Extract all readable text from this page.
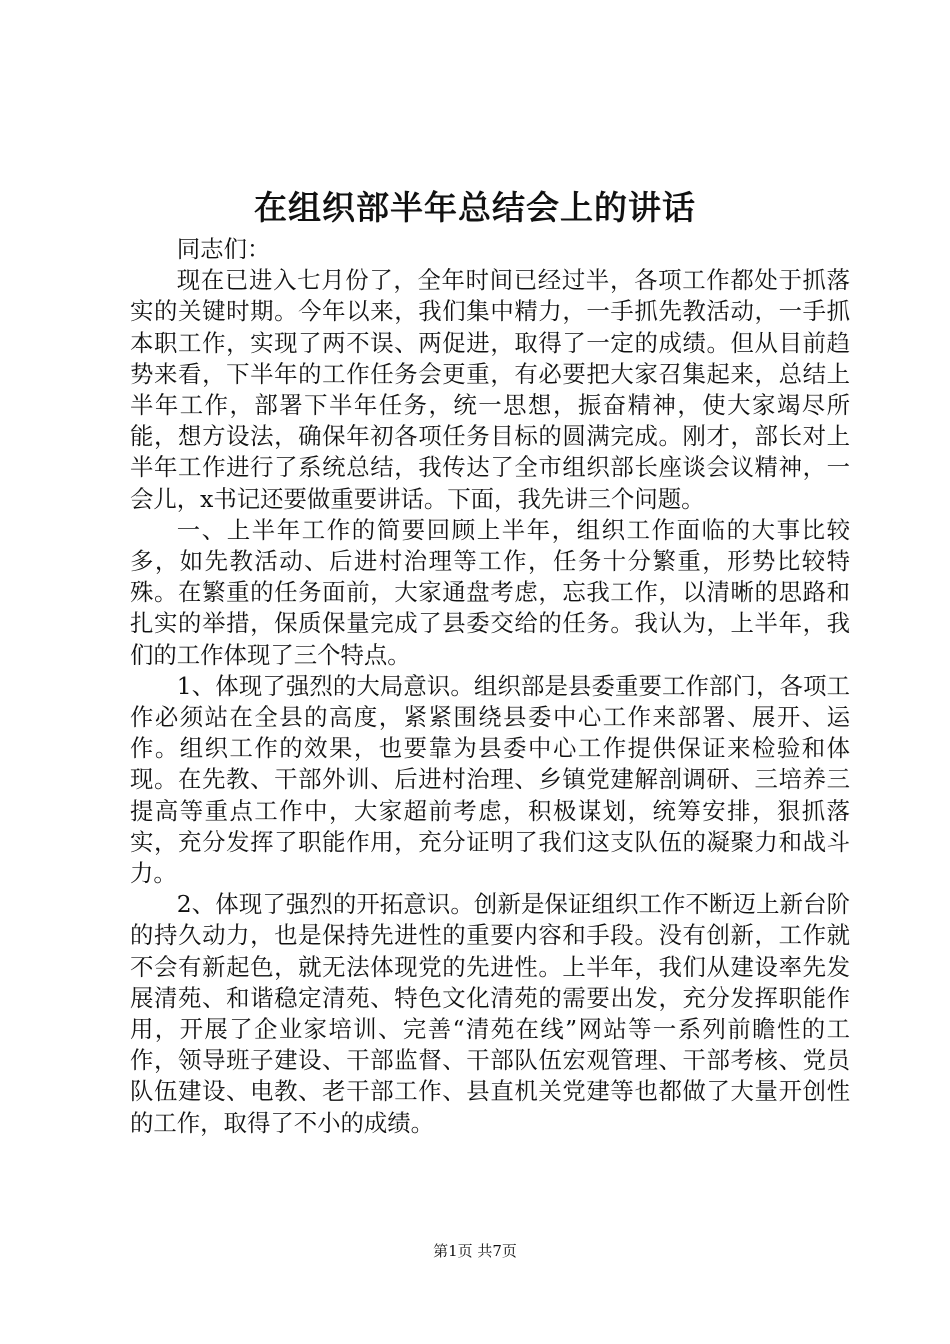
在组织部半年总结会上的讲话

同志们：

现在已进入七月份了，全年时间已经过半，各项工作都处于抓落实的关键时期。今年以来，我们集中精力，一手抓先教活动，一手抓本职工作，实现了两不误、两促进，取得了一定的成绩。但从目前趋势来看，下半年的工作任务会更重，有必要把大家召集起来，总结上半年工作，部署下半年任务，统一思想，振奋精神，使大家竭尽所能，想方设法，确保年初各项任务目标的圆满完成。刚才，部长对上半年工作进行了系统总结，我传达了全市组织部长座谈会议精神，一会儿，x书记还要做重要讲话。下面，我先讲三个问题。

一、上半年工作的简要回顾上半年，组织工作面临的大事比较多，如先教活动、后进村治理等工作，任务十分繁重，形势比较特殊。在繁重的任务面前，大家通盘考虑，忘我工作，以清晰的思路和扎实的举措，保质保量完成了县委交给的任务。我认为，上半年，我们的工作体现了三个特点。

1、体现了强烈的大局意识。组织部是县委重要工作部门，各项工作必须站在全县的高度，紧紧围绕县委中心工作来部署、展开、运作。组织工作的效果，也要靠为县委中心工作提供保证来检验和体现。在先教、干部外训、后进村治理、乡镇党建解剖调研、三培养三提高等重点工作中，大家超前考虑，积极谋划，统筹安排，狠抓落实，充分发挥了职能作用，充分证明了我们这支队伍的凝聚力和战斗力。

2、体现了强烈的开拓意识。创新是保证组织工作不断迈上新台阶的持久动力，也是保持先进性的重要内容和手段。没有创新，工作就不会有新起色，就无法体现党的先进性。上半年，我们从建设率先发展清苑、和谐稳定清苑、特色文化清苑的需要出发，充分发挥职能作用，开展了企业家培训、完善“清苑在线”网站等一系列前瞻性的工作，领导班子建设、干部监督、干部队伍宏观管理、干部考核、党员队伍建设、电教、老干部工作、县直机关党建等也都做了大量开创性的工作，取得了不小的成绩。

第1页 共7页
